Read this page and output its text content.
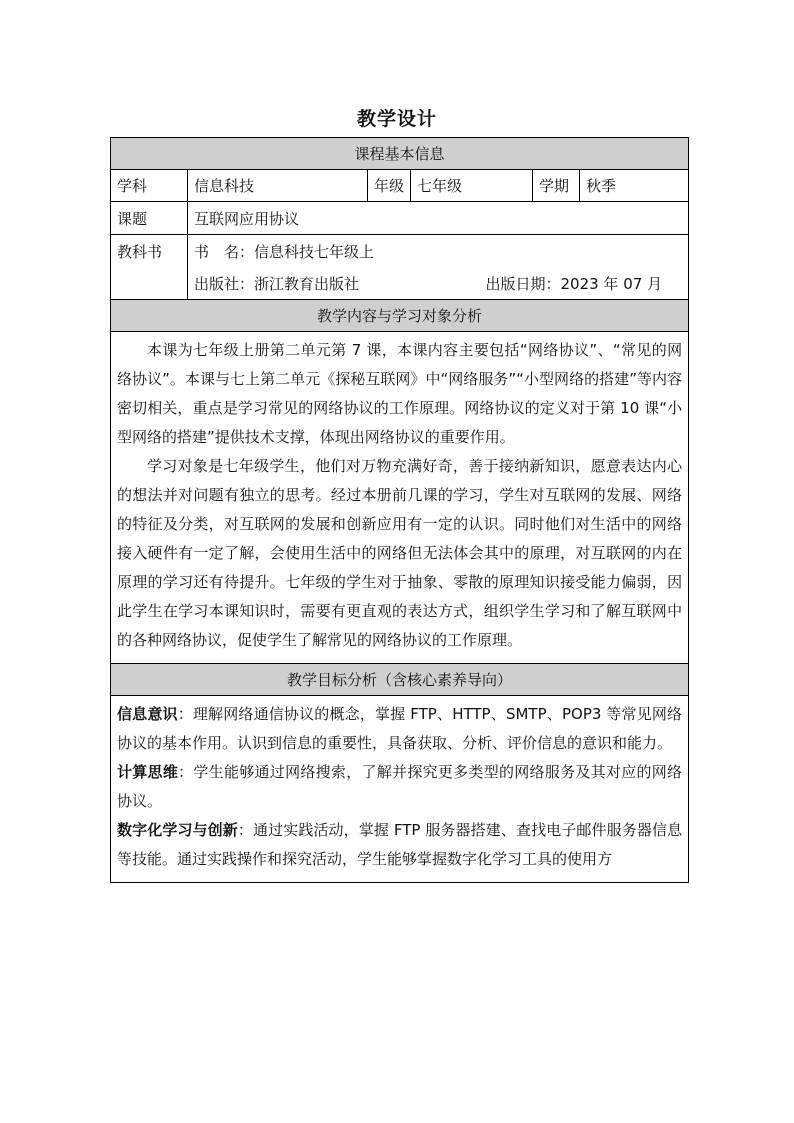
教学设计
课程基本信息					
学科	信息科技	年级	七年级	学期	秋季
课题	互联网应用协议				
教科书	书　名：信息科技七年级上
出版社：浙江教育出版社 出版日期：2023 年 07 月				

教学内容与学习对象分析					

本课为七年级上册第二单元第 7 课，本课内容主要包括“网络协议”、“常见的网络协议”。本课与七上第二单元《探秘互联网》中“网络服务”“小型网络的搭建”等内容密切相关，重点是学习常见的网络协议的工作原理。网络协议的定义对于第 10 课“小型网络的搭建”提供技术支撑，体现出网络协议的重要作用。

学习对象是七年级学生，他们对万物充满好奇，善于接纳新知识，愿意表达内心的想法并对问题有独立的思考。经过本册前几课的学习，学生对互联网的发展、网络的特征及分类，对互联网的发展和创新应用有一定的认识。同时他们对生活中的网络接入硬件有一定了解，会使用生活中的网络但无法体会其中的原理，对互联网的内在原理的学习还有待提升。七年级的学生对于抽象、零散的原理知识接受能力偏弱，因此学生在学习本课知识时，需要有更直观的表达方式，组织学生学习和了解互联网中的各种网络协议，促使学生了解常见的网络协议的工作原理。					

教学目标分析（含核心素养导向）					

信息意识：理解网络通信协议的概念，掌握 FTP、HTTP、SMTP、POP3 等常见网络协议的基本作用。认识到信息的重要性，具备获取、分析、评价信息的意识和能力。

计算思维：学生能够通过网络搜索，了解并探究更多类型的网络服务及其对应的网络协议。

数字化学习与创新：通过实践活动，掌握 FTP 服务器搭建、查找电子邮件服务器信息等技能。通过实践操作和探究活动，学生能够掌握数字化学习工具的使用方					
